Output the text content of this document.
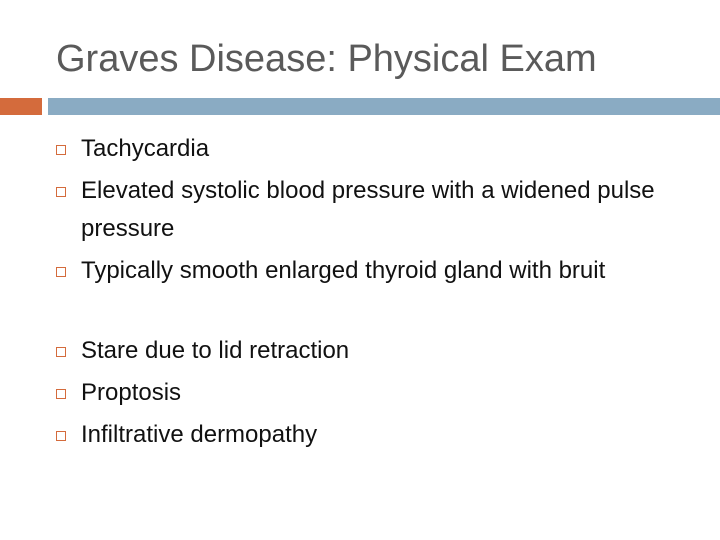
Graves Disease: Physical Exam
Tachycardia
Elevated systolic blood pressure with a widened pulse pressure
Typically smooth enlarged thyroid gland with bruit
Stare due to lid retraction
Proptosis
Infiltrative dermopathy
